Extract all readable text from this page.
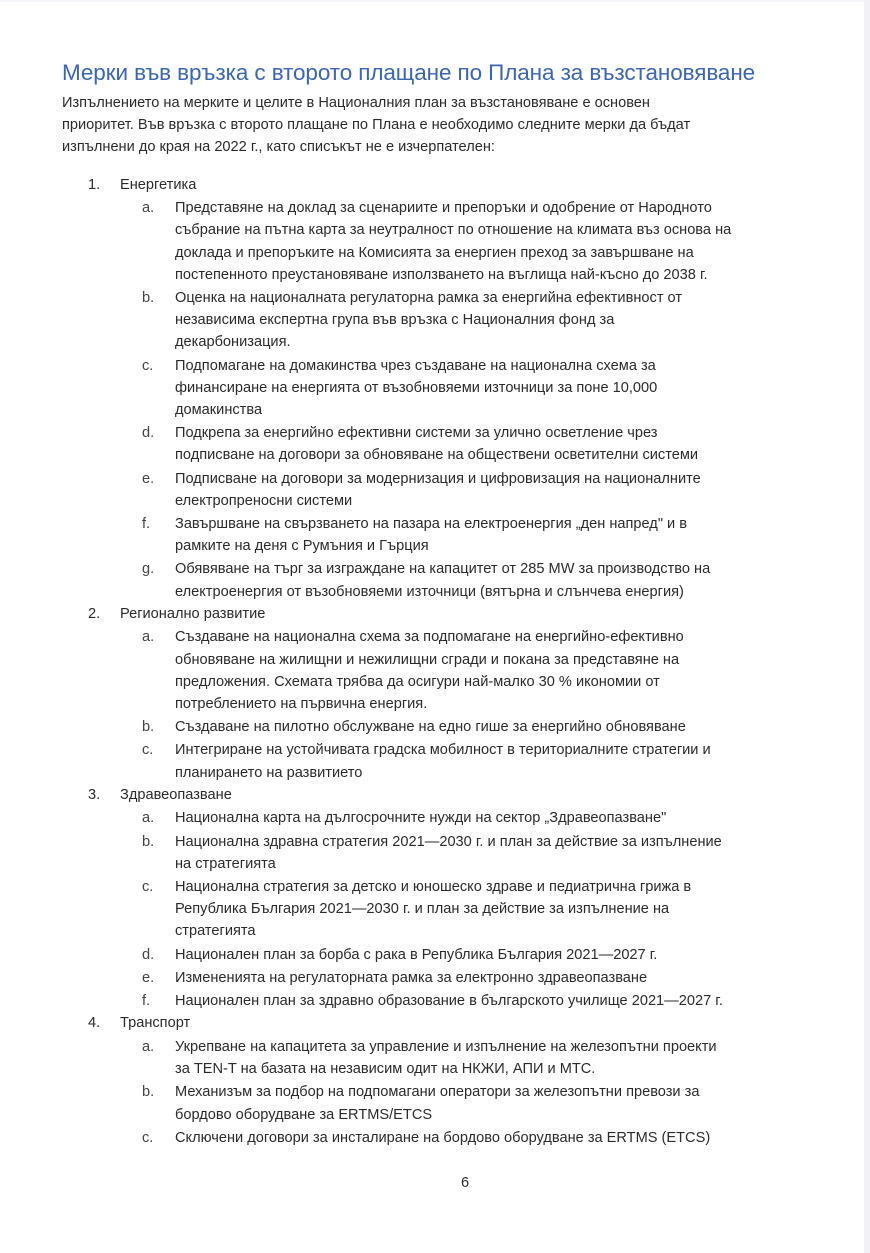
Мерки във връзка с второто плащане по Плана за възстановяване

Изпълнението на мерките и целите в Националния план за възстановяване е основен

приоритет. Във връзка с второто плащане по Плана е необходимо следните мерки да бъдат

изпълнени до края на 2022 г., като списъкът не е изчерпателен:

1.	Енергетика
a.	Представяне на доклад за сценариите и препоръки и одобрение от Народното
събрание на пътна карта за неутралност по отношение на климата въз основа на
доклада и препоръките на Комисията за енергиен преход за завършване на
постепенното преустановяване използването на въглища най-късно до 2038 г.
b.	Оценка на националната регулаторна рамка за енергийна ефективност от
независима експертна група във връзка с Националния фонд за
декарбонизация.
c.	Подпомагане на домакинства чрез създаване на национална схема за
финансиране на енергията от възобновяеми източници за поне 10,000
домакинства
d.	Подкрепа за енергийно ефективни системи за улично осветление чрез
подписване на договори за обновяване на обществени осветителни системи
e.	Подписване на договори за модернизация и цифровизация на националните
електропреносни системи
f.	Завършване на свързването на пазара на електроенергия „ден напред" и в
рамките на деня с Румъния и Гърция
g.	Обявяване на търг за изграждане на капацитет от 285 MW за производство на
електроенергия от възобновяеми източници (вятърна и слънчева енергия)
2.	Регионално развитие
a.	Създаване на национална схема за подпомагане на енергийно-ефективно
обновяване на жилищни и нежилищни сгради и покана за представяне на
предложения. Схемата трябва да осигури най-малко 30 % икономии от
потреблението на първична енергия.
b.	Създаване на пилотно обслужване на едно гише за енергийно обновяване
c.	Интегриране на устойчивата градска мобилност в териториалните стратегии и
планирането на развитието
3.	Здравеопазване
a.	Национална карта на дългосрочните нужди на сектор „Здравеопазване"
b.	Национална здравна стратегия 2021—2030 г. и план за действие за изпълнение
на стратегията
c.	Национална стратегия за детско и юношеско здраве и педиатрична грижа в
Република България 2021—2030 г. и план за действие за изпълнение на
стратегията
d.	Национален план за борба с рака в Република България 2021—2027 г.
e.	Измененията на регулаторната рамка за електронно здравеопазване
f.	Национален план за здравно образование в българското училище 2021—2027 г.
4.	Транспорт
a.	Укрепване на капацитета за управление и изпълнение на железопътни проекти
за TEN-T на базата на независим одит на НКЖИ, АПИ и МТС.
b.	Механизъм за подбор на подпомагани оператори за железопътни превози за
бордово оборудване за ERTMS/ETCS
c.	Сключени договори за инсталиране на бордово оборудване за ERTMS (ETCS)
6
